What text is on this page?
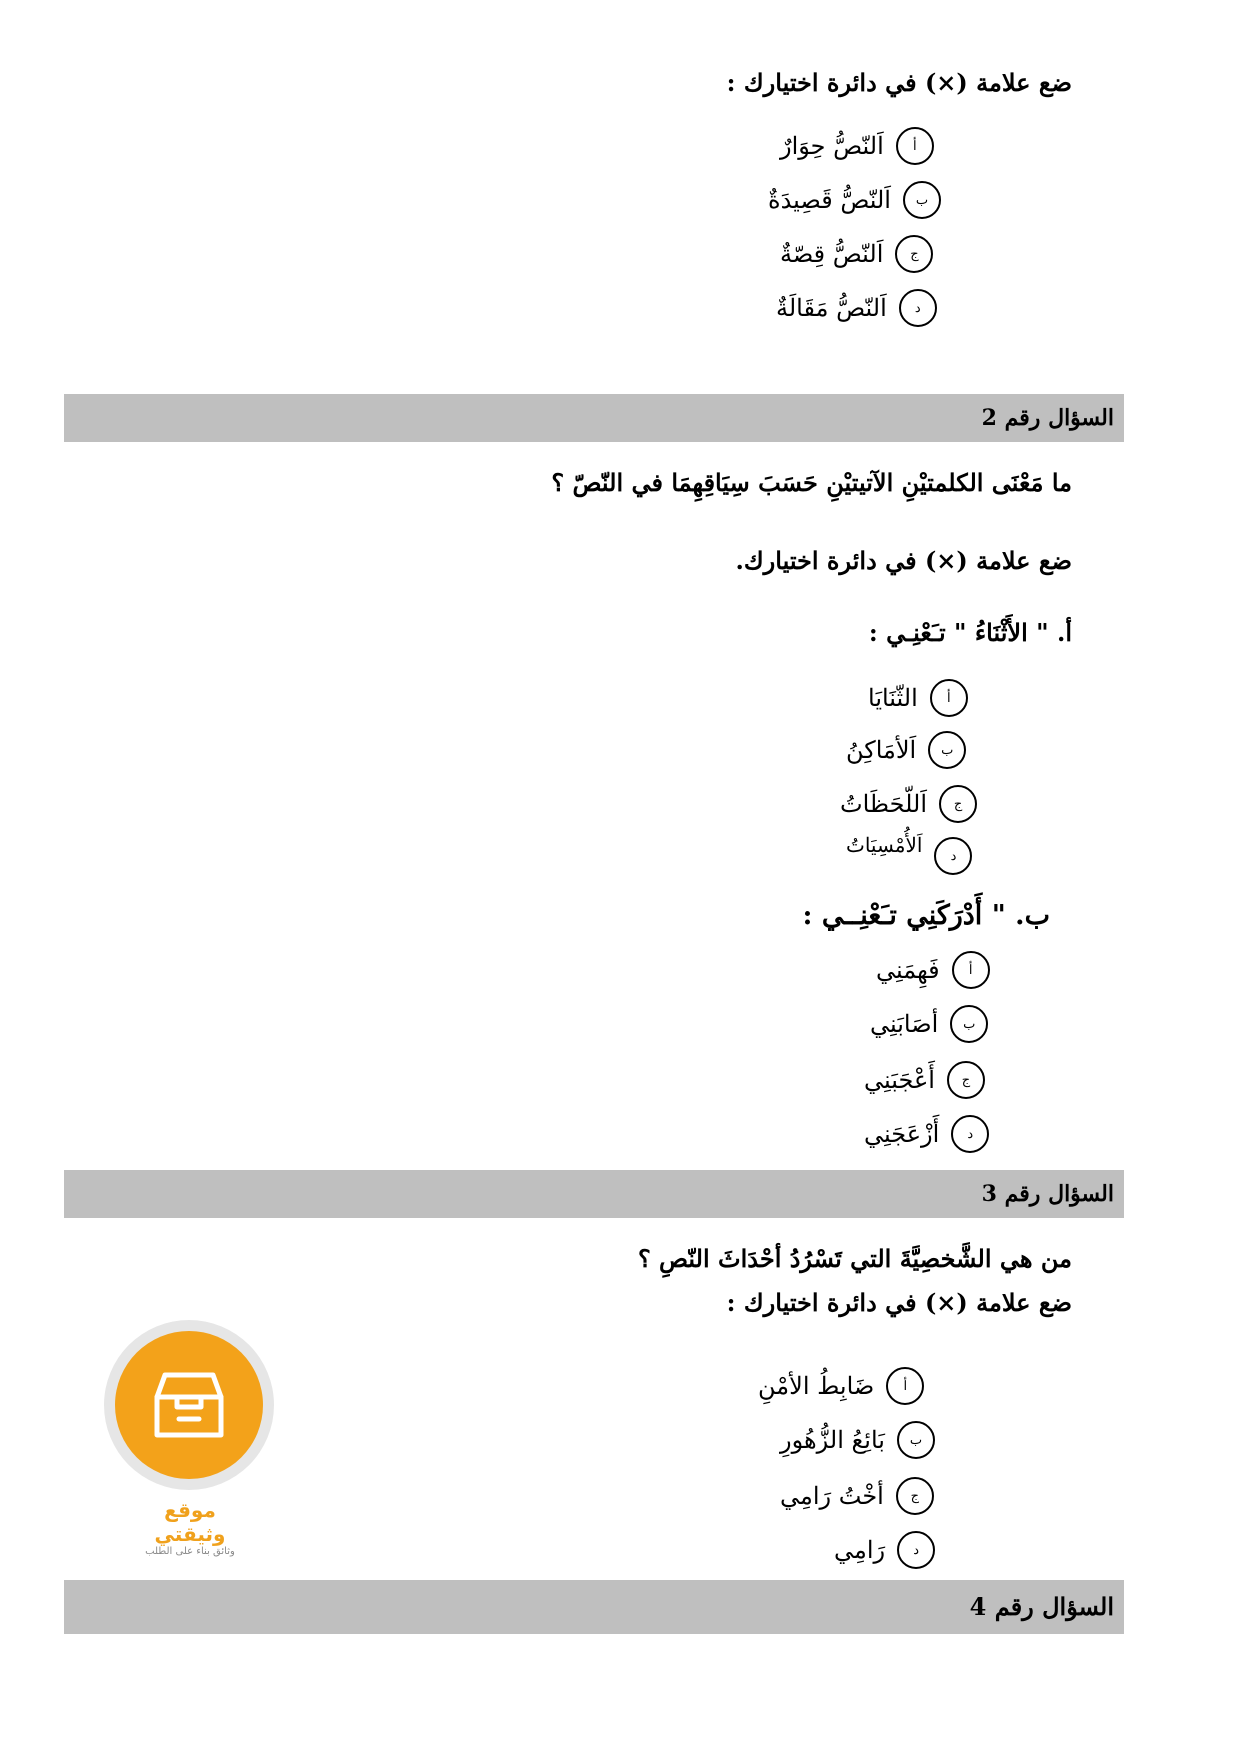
ضع علامة (×) في دائرة اختيارك :
اَلنّصُّ حِوَارٌ	أ
اَلنّصُّ قَصِيدَةٌ	ب
اَلنّصُّ قِصّةٌ	ج
اَلنّصُّ مَقَالَةٌ	د
السؤال رقم 2
ما مَعْنَى الكلمتيْنِ الآتيتيْنِ حَسَبَ سِيَاقِهِمَا في النّصّ ؟
ضع علامة (×) في دائرة اختيارك.
أ. " الأَثْنَاءُ " تـَعْنِـي :
الثّنَايَا	أ
اَلأمَاكِنُ	ب
اَللّحَظَاتُ	ج
اَلأُمْسِيَاتُ	د
ب. " أَدْرَكَنِي تـَعْنِــي :
فَهِمَنِي	أ
أصَابَنِي	ب
أَعْجَبَنِي	ج
أَزْعَجَنِي	د
السؤال رقم 3
من هي الشَّخصِيَّةَ التي تَسْرُدُ أحْدَاثَ النّصِ ؟
ضع علامة (×) في دائرة اختيارك :
ضَابِطُ الأمْنِ	أ
بَائِعُ الزُّهُورِ	ب
أخْتُ رَامِي	ج
رَامِي	د
موقع وثيقتي
وثائق بناء على الطلب
السؤال رقم 4
